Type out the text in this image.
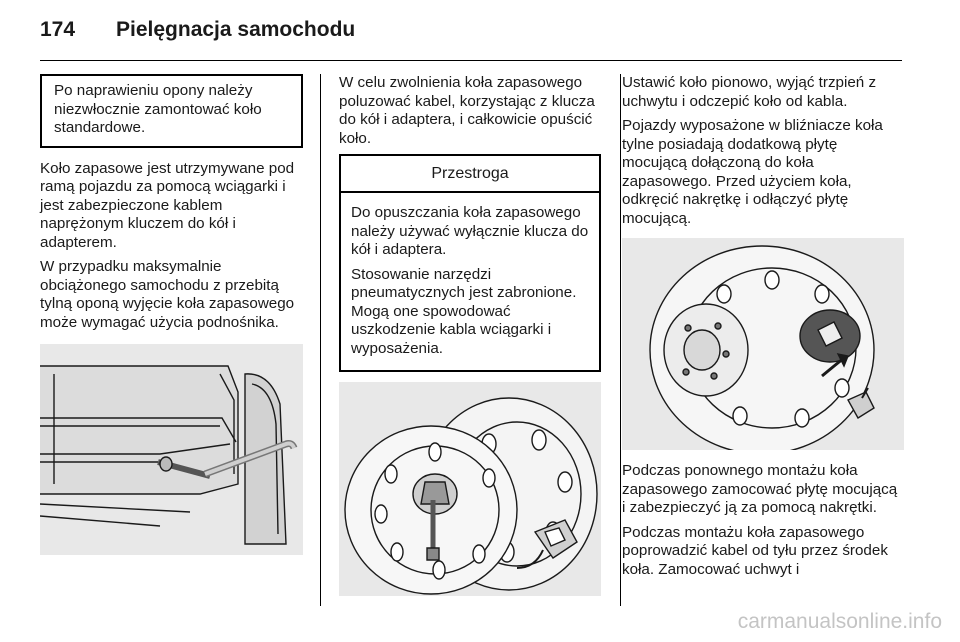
174 Pielęgnacja samochodu

Po naprawieniu opony należy niezwłocznie zamontować koło standardowe.

Koło zapasowe jest utrzymywane pod ramą pojazdu za pomocą wciągarki i jest zabezpieczone kablem naprężonym kluczem do kół i adapterem.

W przypadku maksymalnie obciążonego samochodu z przebitą tylną oponą wyjęcie koła zapasowego może wymagać użycia podnośnika.

W celu zwolnienia koła zapasowego poluzować kabel, korzystając z klucza do kół i adaptera, i całkowicie opuścić koło.

Przestroga

Do opuszczania koła zapasowego należy używać wyłącznie klucza do kół i adaptera.

Stosowanie narzędzi pneumatycznych jest zabronione. Mogą one spowodować uszkodzenie kabla wciągarki i wyposażenia.

Ustawić koło pionowo, wyjąć trzpień z uchwytu i odczepić koło od kabla.

Pojazdy wyposażone w bliźniacze koła tylne posiadają dodatkową płytę mocującą dołączoną do koła zapasowego. Przed użyciem koła, odkręcić nakrętkę i odłączyć płytę mocującą.

Podczas ponownego montażu koła zapasowego zamocować płytę mocującą i zabezpieczyć ją za pomocą nakrętki.

Podczas montażu koła zapasowego poprowadzić kabel od tyłu przez środek koła. Zamocować uchwyt i

carmanualsonline.info
